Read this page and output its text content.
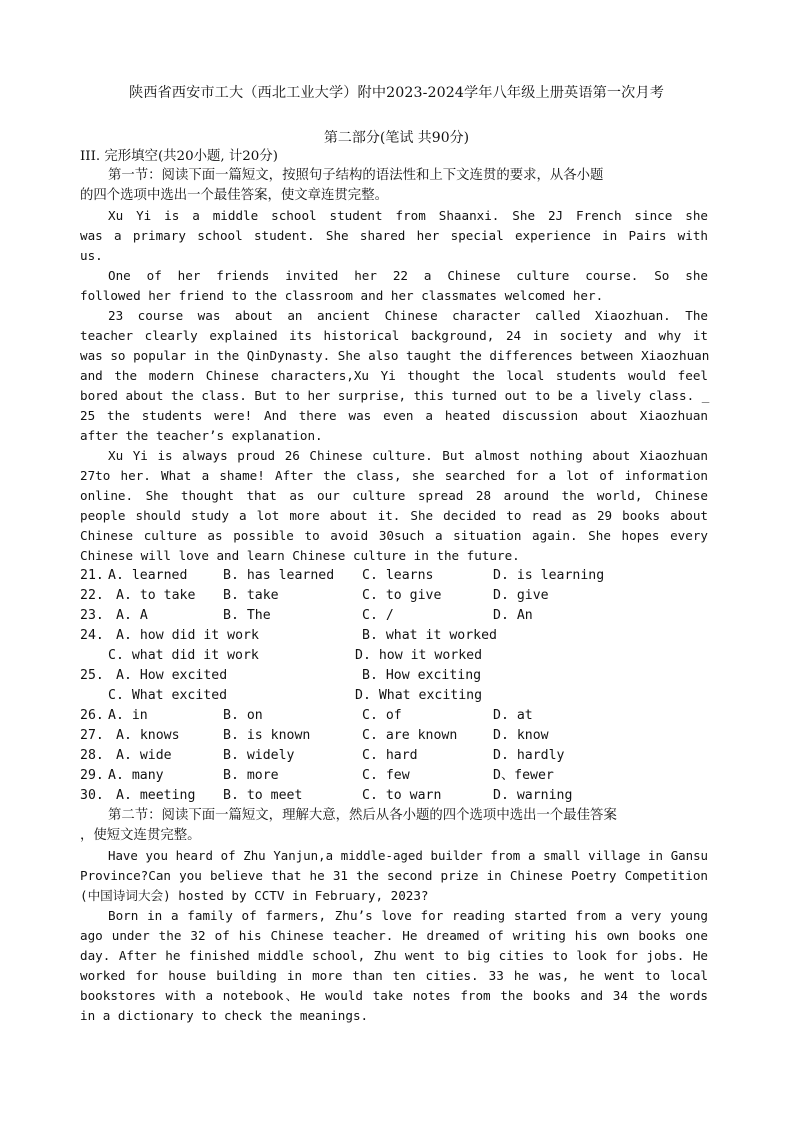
陕西省西安市工大（西北工业大学）附中2023-2024学年八年级上册英语第一次月考
第二部分(笔试 共90分)
III. 完形填空(共20小题, 计20分)
第一节：阅读下面一篇短文，按照句子结构的语法性和上下文连贯的要求，从各小题
的四个选项中选出一个最佳答案，使文章连贯完整。
Xu Yi is a middle school student from Shaanxi. She 2J French since she
was a primary school student. She shared her special experience in Pairs with
us.
One of her friends invited her 22 a Chinese culture course. So she
followed her friend to the classroom and her classmates welcomed her.
23 course was about an ancient Chinese character called Xiaozhuan. The
teacher clearly explained its historical background, 24 in society and why it
was so popular in the QinDynasty. She also taught the differences between Xiaozhuan
and the modern Chinese characters,Xu Yi thought the local students would feel
bored about the class. But to her surprise, this turned out to be a lively class. _
25 the students were! And there was even a heated discussion about Xiaozhuan
after the teacher’s explanation.
Xu Yi is always proud 26 Chinese culture. But almost nothing about Xiaozhuan
27to her. What a shame! After the class, she searched for a lot of information
online. She thought that as our culture spread 28 around the world, Chinese
people should study a lot more about it. She decided to read as 29 books about
Chinese culture as possible to avoid 30such a situation again. She hopes every
Chinese will love and learn Chinese culture in the future.
21. A. learned	B. has learned C. learns	D. is learning
22. A. to take B. take	C. to give	D. give
23. A. A	B. The	C. /	D. An
24. A. how did it work	B. what it worked
C. what did it work	D. how it worked
25. A. How excited	B. How exciting
C. What excited	D. What exciting
26. A. in	B. on	C. of	D. at
27. A. knows	B. is known	C. are known	D. know
28. A. wide	B. widely	C. hard	D. hardly
29. A. many	B. more	C. few	D、fewer
30. A. meeting B. to meet	C. to warn	D. warning
第二节：阅读下面一篇短文，理解大意，然后从各小题的四个选项中选出一个最佳答案
，使短文连贯完整。
Have you heard of Zhu Yanjun,a middle-aged builder from a small village in Gansu
Province?Can you believe that he 31 the second prize in Chinese Poetry Competition
(中国诗词大会) hosted by CCTV in February, 2023?
Born in a family of farmers, Zhu’s love for reading started from a very young
ago under the 32 of his Chinese teacher. He dreamed of writing his own books one
day. After he finished middle school, Zhu went to big cities to look for jobs. He
worked for house building in more than ten cities. 33 he was, he went to local
bookstores with a notebook、He would take notes from the books and 34 the words
in a dictionary to check the meanings.
